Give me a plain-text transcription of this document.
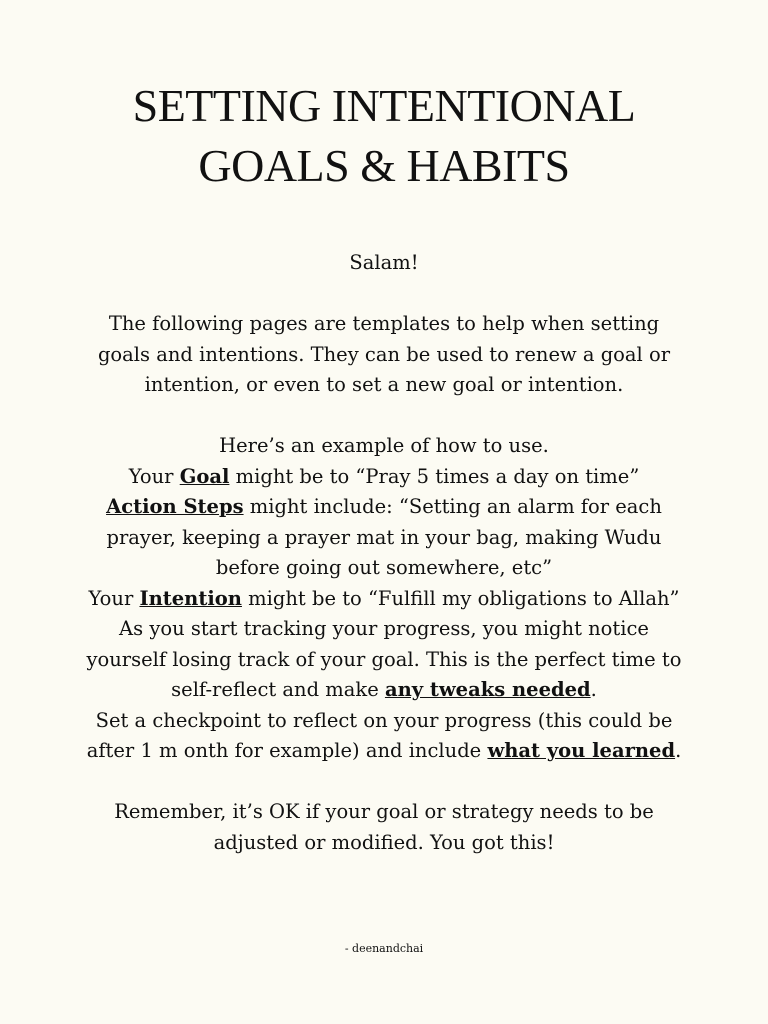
SETTING INTENTIONAL
GOALS & HABITS

Salam!

The following pages are templates to help when setting goals and intentions. They can be used to renew a goal or intention, or even to set a new goal or intention.

Here’s an example of how to use.

Your Goal might be to “Pray 5 times a day on time”

Action Steps might include: “Setting an alarm for each prayer, keeping a prayer mat in your bag, making Wudu before going out somewhere, etc”

Your Intention might be to “Fulfill my obligations to Allah”

As you start tracking your progress, you might notice yourself losing track of your goal. This is the perfect time to self-reflect and make any tweaks needed.

Set a checkpoint to reflect on your progress (this could be after 1 m onth for example) and include what you learned.

Remember, it’s OK if your goal or strategy needs to be adjusted or modified. You got this!

- deenandchai
